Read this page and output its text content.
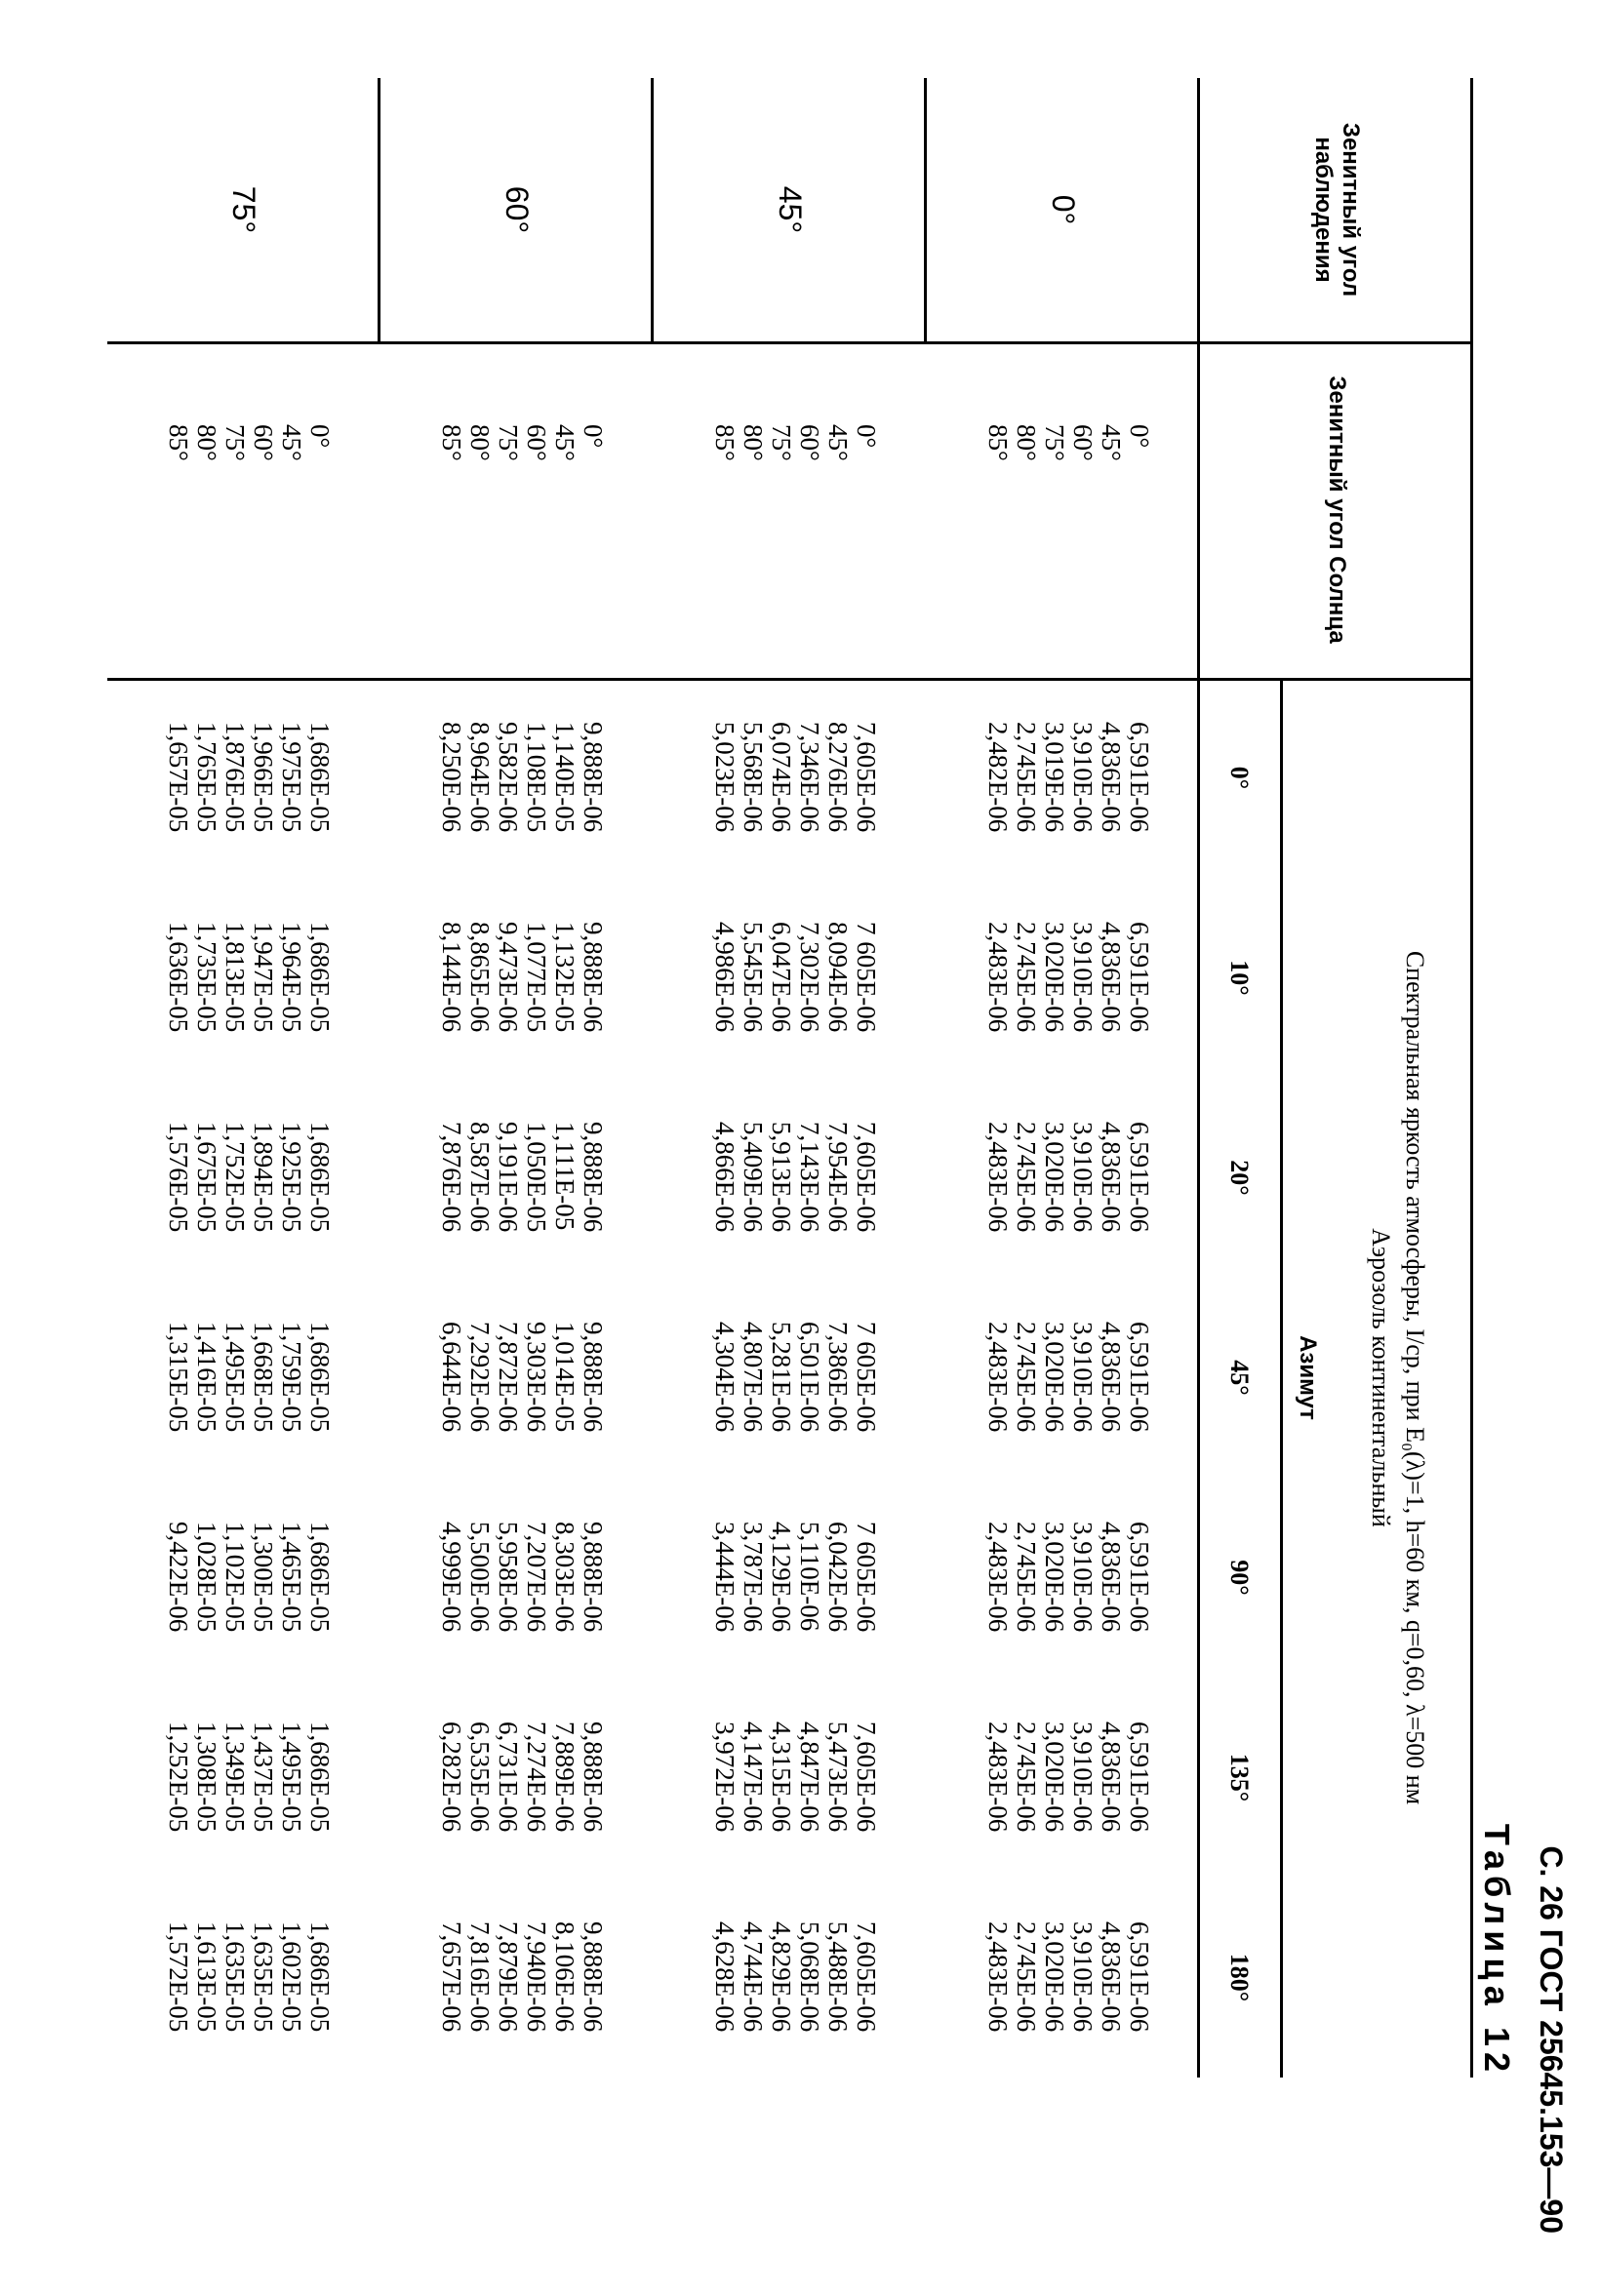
С. 26 ГОСТ 25645.153—90
Таблица 12
Спектральная яркость атмосферы, I/ср, при E₀(λ)=1, h=60 км, q=0,60, λ=500 нм
Аэрозоль континентальный
Зенитный угол наблюдения
Зенитный угол Солнца
Азимут
0°
10°
20°
45°
90°
135°
180°
0°
0°
45°
60°
75°
80°
85°
6,591E-06
4,836E-06
3,910E-06
3,019E-06
2,745E-06
2,482E-06
6,591E-06
4,836E-06
3,910E-06
3,020E-06
2,745E-06
2,483E-06
6,591E-06
4,836E-06
3,910E-06
3,020E-06
2,745E-06
2,483E-06
6,591E-06
4,836E-06
3,910E-06
3,020E-06
2,745E-06
2,483E-06
6,591E-06
4,836E-06
3,910E-06
3,020E-06
2,745E-06
2,483E-06
6,591E-06
4,836E-06
3,910E-06
3,020E-06
2,745E-06
2,483E-06
6,591E-06
4,836E-06
3,910E-06
3,020E-06
2,745E-06
2,483E-06
45°
0°
45°
60°
75°
80°
85°
7,605E-06
8,276E-06
7,346E-06
6,074E-06
5,568E-06
5,023E-06
7 605E-06
8,094E-06
7,302E-06
6,047E-06
5,545E-06
4,986E-06
7,605E-06
7,954E-06
7,143E-06
5,913E-06
5,409E-06
4,866E-06
7 605E-06
7,386E-06
6,501E-06
5,281E-06
4,807E-06
4,304E-06
7 605E-06
6,042E-06
5,110E-06
4,129E-06
3,787E-06
3,444E-06
7,605E-06
5,473E-06
4,847E-06
4,315E-06
4,147E-06
3,972E-06
7,605E-06
5,488E-06
5,068E-06
4,829E-06
4,744E-06
4,628E-06
60°
0°
45°
60°
75°
80°
85°
9,888E-06
1,140E-05
1,108E-05
9,582E-06
8,964E-06
8,250E-06
9,888E-06
1,132E-05
1,077E-05
9,473E-06
8,865E-06
8,144E-06
9,888E-06
1,111E-05
1,050E-05
9,191E-06
8,587E-06
7,876E-06
9,888E-06
1,014E-05
9,303E-06
7,872E-06
7,292E-06
6,644E-06
9,888E-06
8,303E-06
7,207E-06
5,958E-06
5,500E-06
4,999E-06
9,888E-06
7,889E-06
7,274E-06
6,731E-06
6,535E-06
6,282E-06
9,888E-06
8,106E-06
7,940E-06
7,879E-06
7,816E-06
7,657E-06
75°
0°
45°
60°
75°
80°
85°
1,686E-05
1,975E-05
1,966E-05
1,876E-05
1,765E-05
1,657E-05
1,686E-05
1,964E-05
1,947E-05
1,813E-05
1,735E-05
1,636E-05
1,686E-05
1,925E-05
1,894E-05
1,752E-05
1,675E-05
1,576E-05
1,686E-05
1,759E-05
1,668E-05
1,495E-05
1,416E-05
1,315E-05
1,686E-05
1,465E-05
1,300E-05
1,102E-05
1,028E-05
9,422E-06
1,686E-05
1,495E-05
1,437E-05
1,349E-05
1,308E-05
1,252E-05
1,686E-05
1,602E-05
1,635E-05
1,635E-05
1,613E-05
1,572E-05
